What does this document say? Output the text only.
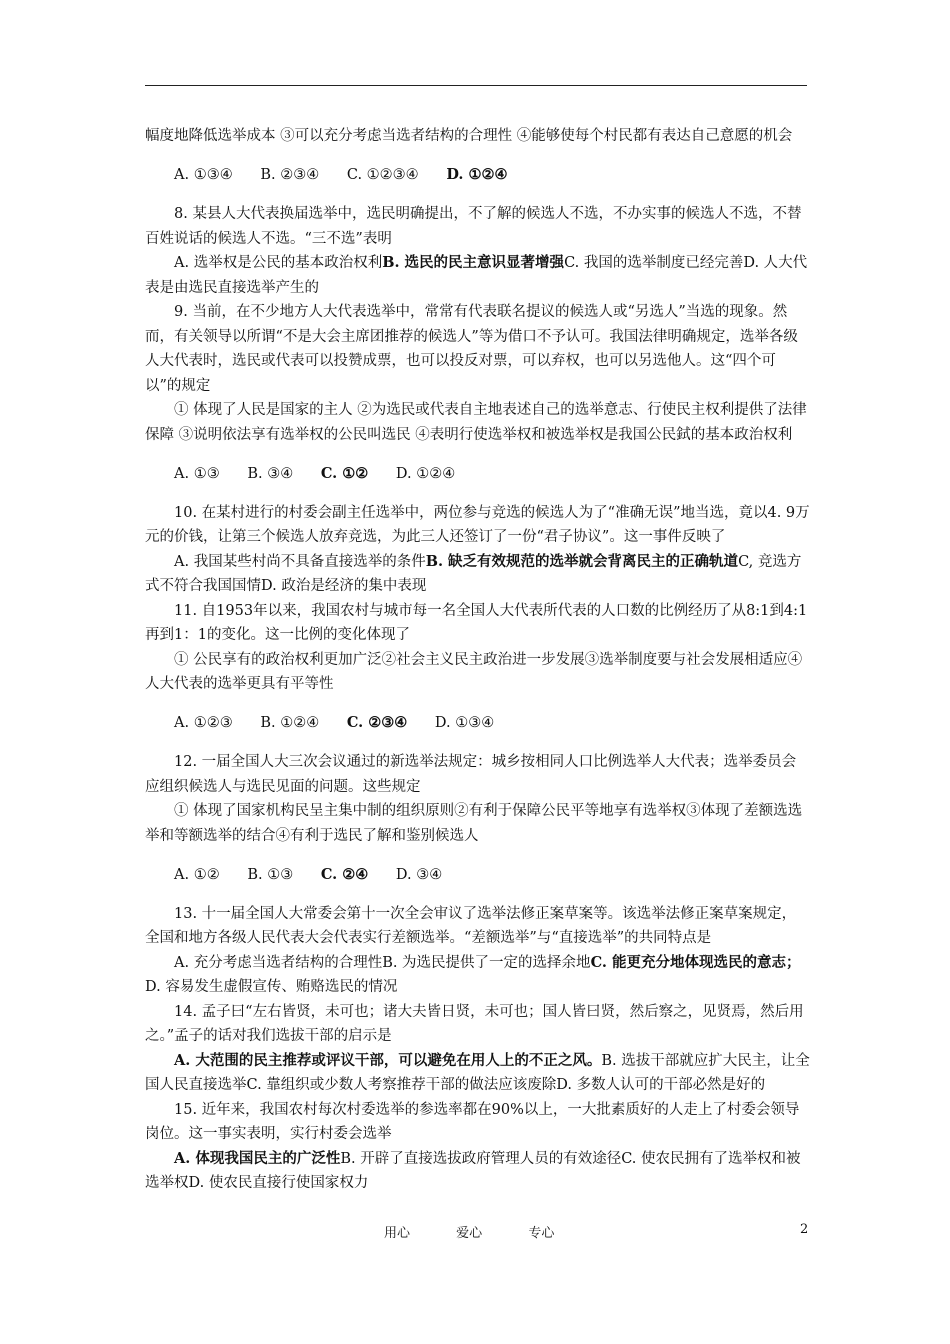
幅度地降低选举成本 ③可以充分考虑当选者结构的合理性 ④能够使每个村民都有表达自己意愿的机会

A. ①③④      B. ②③④      C. ①②③④      D. ①②④

8. 某县人大代表换届选举中，选民明确提出，不了解的候选人不选，不办实事的候选人不选，不替百姓说话的候选人不选。“三不选”表明

A. 选举权是公民的基本政治权利B. 选民的民主意识显著增强C. 我国的选举制度已经完善D. 人大代表是由选民直接选举产生的

9. 当前，在不少地方人大代表选举中，常常有代表联名提议的候选人或“另选人”当选的现象。然而，有关领导以所谓“不是大会主席团推荐的候选人”等为借口不予认可。我国法律明确规定，选举各级人大代表时，选民或代表可以投赞成票，也可以投反对票，可以弃权，也可以另选他人。这“四个可以”的规定

① 体现了人民是国家的主人 ②为选民或代表自主地表述自己的选举意志、行使民主权利提供了法律保障 ③说明依法享有选举权的公民叫选民 ④表明行使选举权和被选举权是我国公民鉽的基本政治权利

A. ①③      B. ③④      C. ①②      D. ①②④

10. 在某村进行的村委会副主任选举中，两位参与竞选的候选人为了“准确无误”地当选，竟以4. 9万元的价钱，让第三个候选人放弃竞选，为此三人还签订了一份“君子协议”。这一事件反映了

A. 我国某些村尚不具备直接选举的条件B. 缺乏有效规范的选举就会背离民主的正确轨道C, 竞选方式不符合我国国情D. 政治是经济的集中表现

11. 自1953年以来，我国农村与城市每一名全国人大代表所代表的人口数的比例经历了从8:1到4:1再到1：1的变化。这一比例的变化体现了

① 公民享有的政治权利更加广泛②社会主义民主政治进一步发展③选举制度要与社会发展相适应④人大代表的选举更具有平等性

A. ①②③      B. ①②④      C. ②③④      D. ①③④

12. 一届全国人大三次会议通过的新选举法规定：城乡按相同人口比例选举人大代表；选举委员会应组织候选人与选民见面的问题。这些规定

① 体现了国家机构民呈主集中制的组织原则②有利于保障公民平等地享有选举权③体现了差额选选举和等额选举的结合④有利于选民了解和鉴别候选人

A. ①②      B. ①③      C. ②④      D. ③④

13. 十一届全国人大常委会第十一次全会审议了选举法修正案草案等。该选举法修正案草案规定，全国和地方各级人民代表大会代表实行差额选举。“差额选举”与“直接选举”的共同特点是

A. 充分考虑当选者结构的合理性B. 为选民提供了一定的选择余地C. 能更充分地体现选民的意志；D. 容易发生虚假宣传、贿赂选民的情况

14. 孟子曰“左右皆贤，未可也；诸大夫皆日贤，未可也；国人皆曰贤，然后察之，见贤焉，然后用之。”孟子的话对我们选拔干部的启示是

A. 大范围的民主推荐或评议干部，可以避免在用人上的不正之风。B. 选拔干部就应扩大民主，让全国人民直接选举C. 靠组织或少数人考察推荐干部的做法应该废除D. 多数人认可的干部必然是好的

15. 近年来，我国农村每次村委选举的参选率都在90%以上，一大批素质好的人走上了村委会领导岗位。这一事实表明，实行村委会选举

A. 体现我国民主的广泛性B. 开辟了直接选拔政府管理人员的有效途径C. 使农民拥有了选举权和被选举权D. 使农民直接行使国家权力

用心	爱心	专心	2
